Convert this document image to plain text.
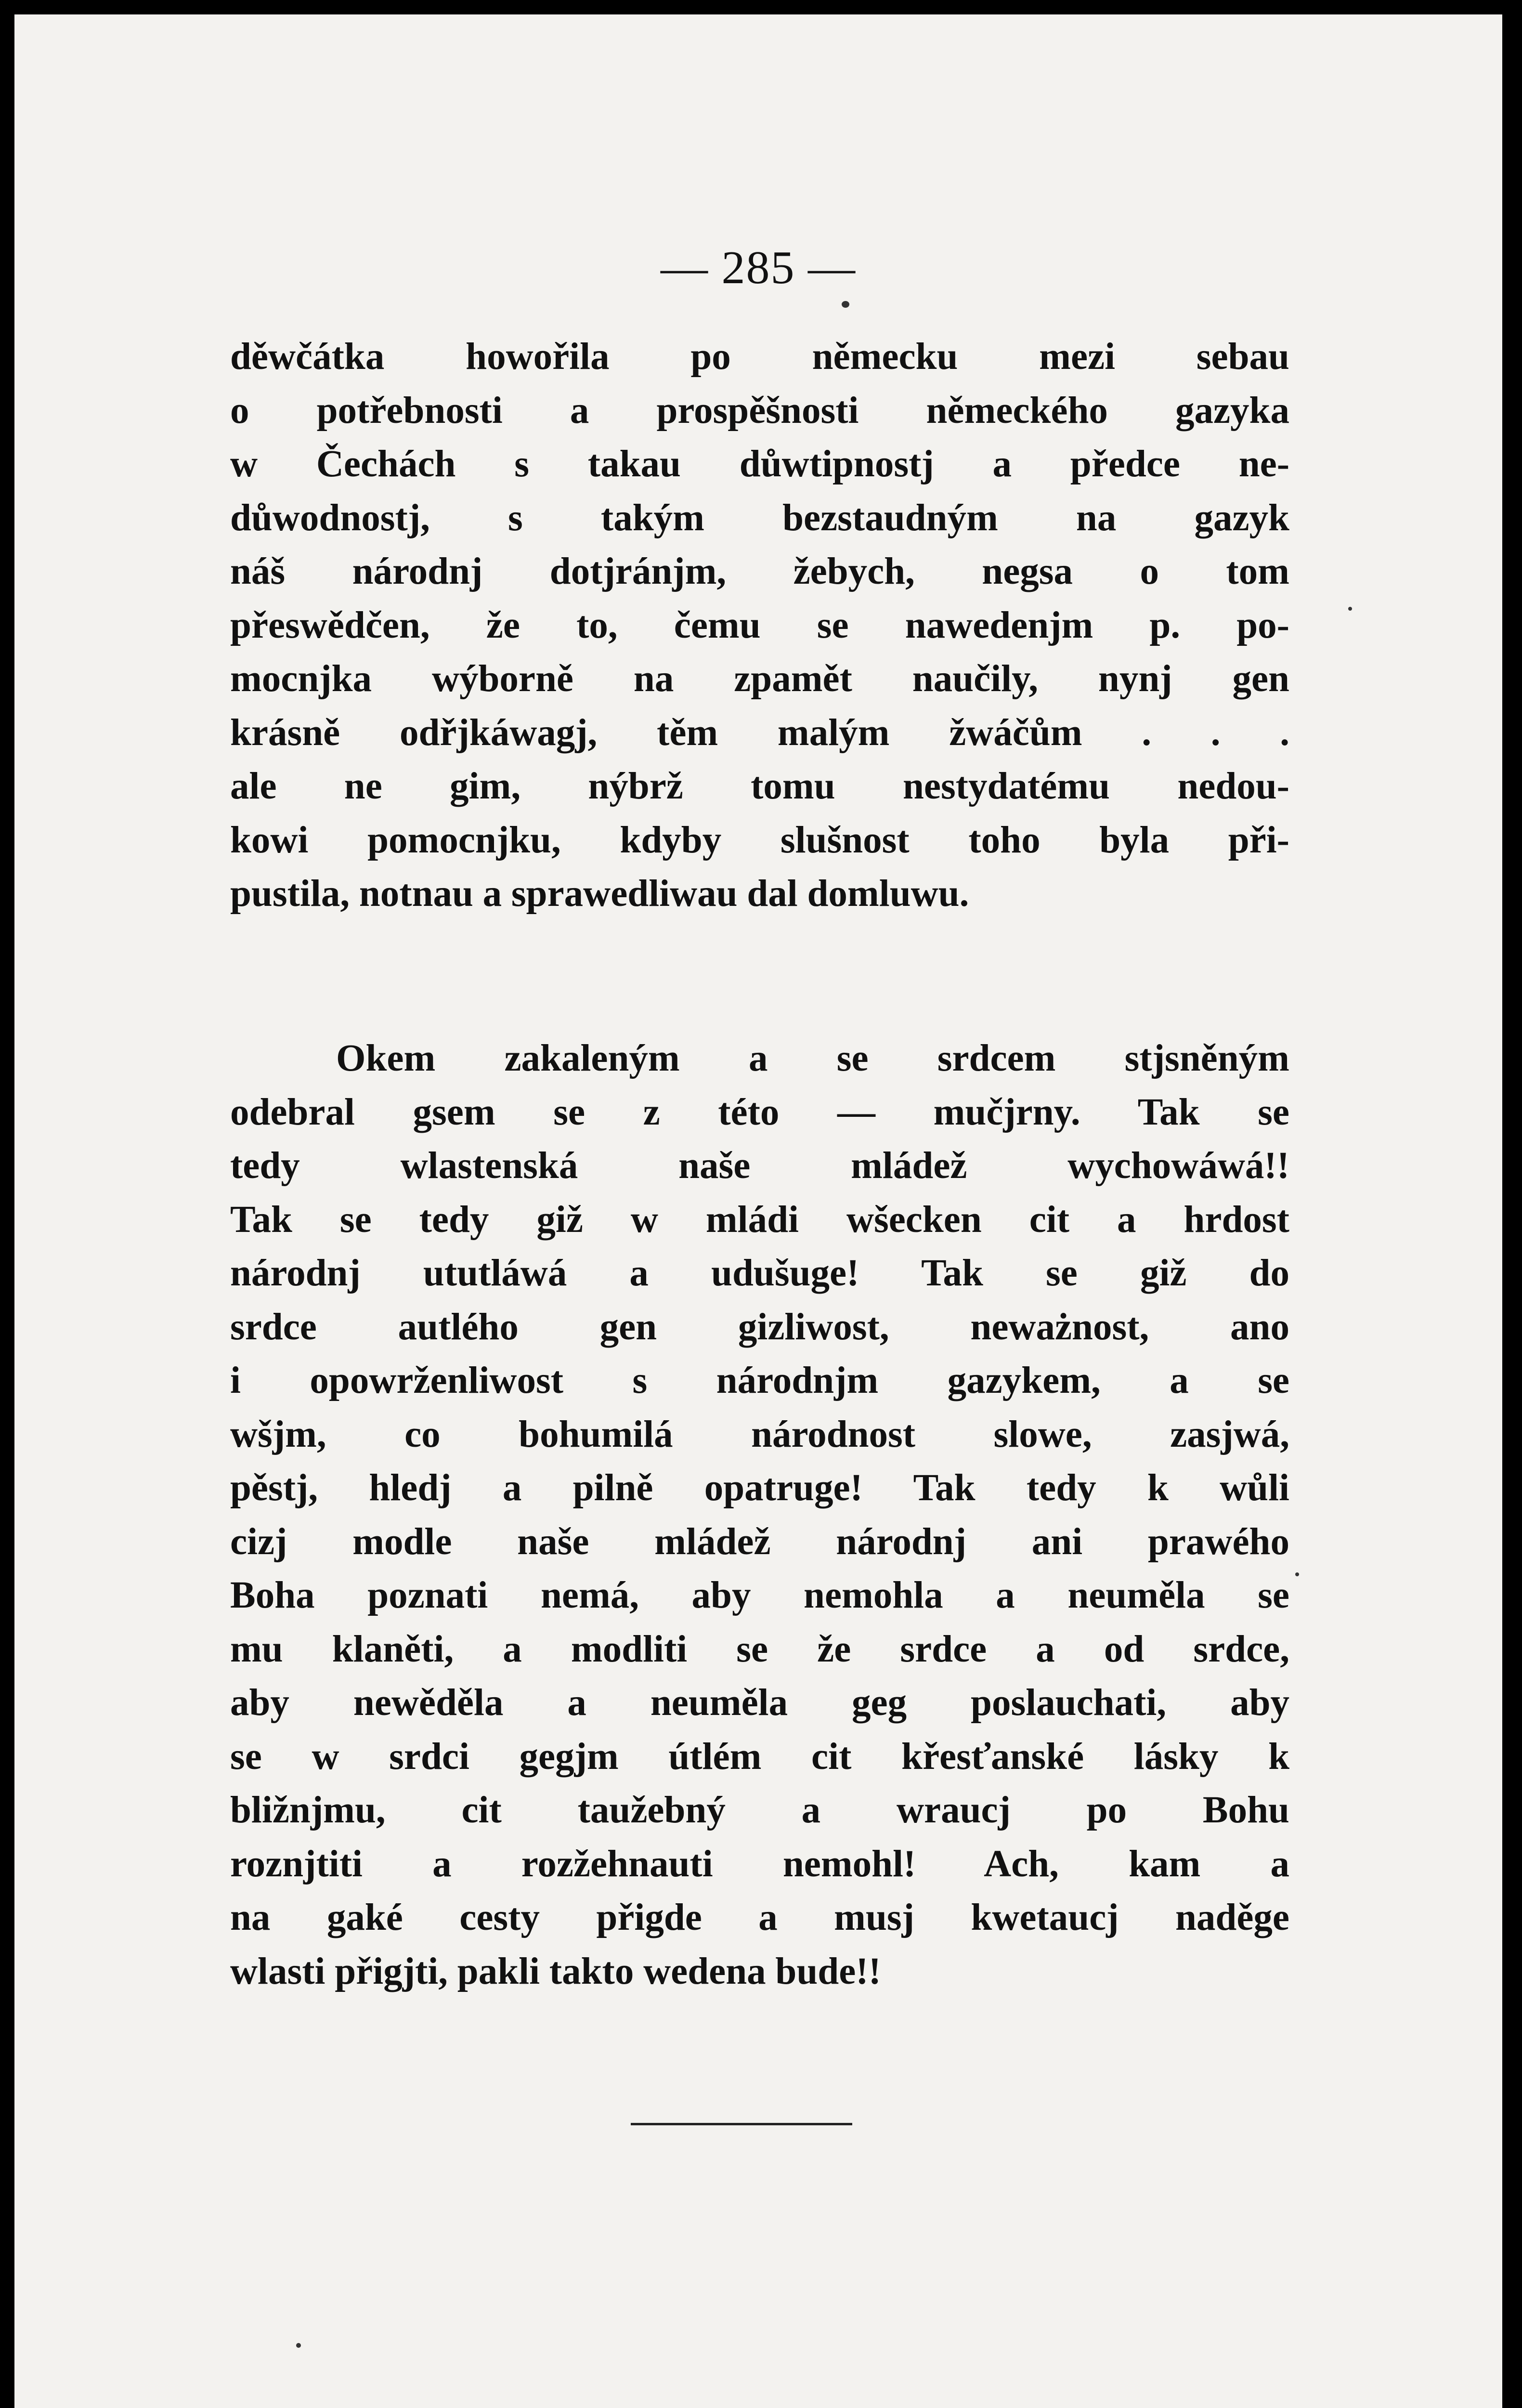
— 285 —
děwčátka howořila po německu mezi sebau
o potřebnosti a prospěšnosti německého gazyka
w Čechách s takau důwtipnostj a předce ne-
důwodnostj, s takým bezstaudným na gazyk
náš národnj dotjránjm, žebych, negsa o tom
přeswědčen, že to, čemu se nawedenjm p. po-
mocnjka wýborně na zpamět naučily, nynj gen
krásně odřjkáwagj, těm malým žwáčům . . .
ale ne gim, nýbrž tomu nestydatému nedou-
kowi pomocnjku, kdyby slušnost toho byla při-
pustila, notnau a sprawedliwau dal domluwu.
Okem zakaleným a se srdcem stjsněným
odebral gsem se z této — mučjrny. Tak se
tedy wlastenská naše mládež wychowáwá!!
Tak se tedy giž w mládi wšecken cit a hrdost
národnj ututláwá a udušuge! Tak se giž do
srdce autlého gen gizliwost, neważnost, ano
i opowrženliwost s národnjm gazykem, a se
wšjm, co bohumilá národnost slowe, zasjwá,
pěstj, hledj a pilně opatruge! Tak tedy k wůli
cizj modle naše mládež národnj ani prawého
Boha poznati nemá, aby nemohla a neuměla se
mu klaněti, a modliti se že srdce a od srdce,
aby newěděla a neuměla geg poslauchati, aby
se w srdci gegjm útlém cit křesťanské lásky k
bližnjmu, cit taužebný a wraucj po Bohu
roznjtiti a rozžehnauti nemohl! Ach, kam a
na gaké cesty přigde a musj kwetaucj naděge
wlasti přigjti, pakli takto wedena bude!!
